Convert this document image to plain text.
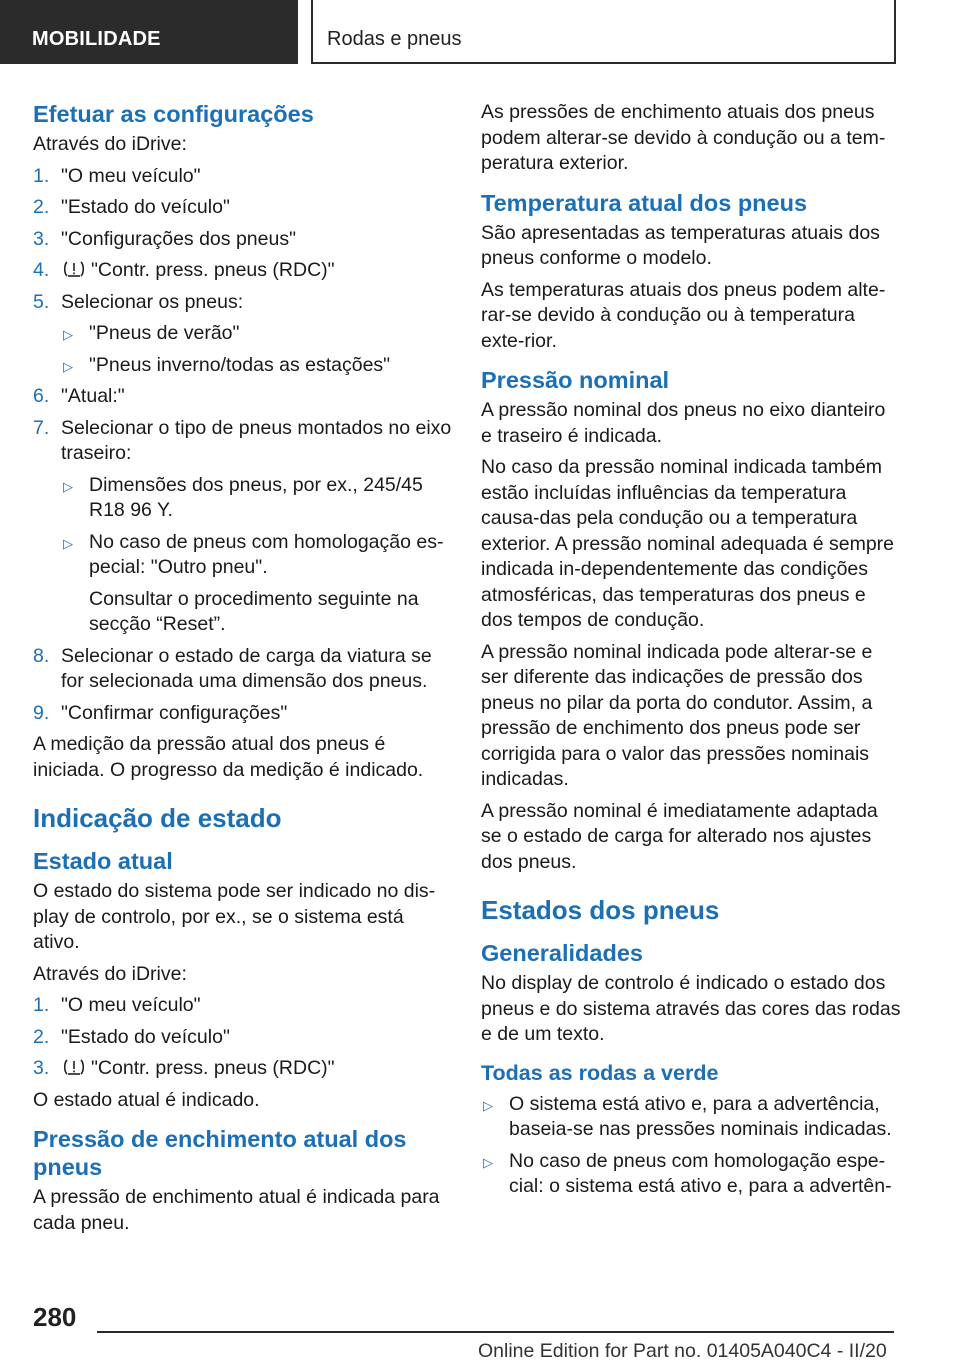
MOBILIDADE	Rodas e pneus
Efetuar as configurações

Através do iDrive:

1. "O meu veículo"
2. "Estado do veículo"
3. "Configurações dos pneus"
4. "Contr. press. pneus (RDC)"
5. Selecionar os pneus:
▷ "Pneus de verão"
▷ "Pneus inverno/todas as estações"
6. "Atual:"
7. Selecionar o tipo de pneus montados no eixo traseiro:
▷ Dimensões dos pneus, por ex., 245/45 R18 96 Y.
▷ No caso de pneus com homologação es-pecial: "Outro pneu".

Consultar o procedimento seguinte na secção “Reset”.

8. Selecionar o estado de carga da viatura se for selecionada uma dimensão dos pneus.
9. "Confirmar configurações"

A medição da pressão atual dos pneus é iniciada. O progresso da medição é indicado.

Indicação de estado
Estado atual

O estado do sistema pode ser indicado no dis-play de controlo, por ex., se o sistema está ativo.

Através do iDrive:

1. "O meu veículo"
2. "Estado do veículo"
3. "Contr. press. pneus (RDC)"

O estado atual é indicado.

Pressão de enchimento atual dos pneus

A pressão de enchimento atual é indicada para cada pneu.

As pressões de enchimento atuais dos pneus podem alterar-se devido à condução ou a tem-peratura exterior.

Temperatura atual dos pneus

São apresentadas as temperaturas atuais dos pneus conforme o modelo.

As temperaturas atuais dos pneus podem alte-rar-se devido à condução ou à temperatura exte-rior.

Pressão nominal

A pressão nominal dos pneus no eixo dianteiro e traseiro é indicada.

No caso da pressão nominal indicada também estão incluídas influências da temperatura causa-das pela condução ou a temperatura exterior. A pressão nominal adequada é sempre indicada in-dependentemente das condições atmosféricas, das temperaturas dos pneus e dos tempos de condução.

A pressão nominal indicada pode alterar-se e ser diferente das indicações de pressão dos pneus no pilar da porta do condutor. Assim, a pressão de enchimento dos pneus pode ser corrigida para o valor das pressões nominais indicadas.

A pressão nominal é imediatamente adaptada se o estado de carga for alterado nos ajustes dos pneus.

Estados dos pneus
Generalidades

No display de controlo é indicado o estado dos pneus e do sistema através das cores das rodas e de um texto.

Todas as rodas a verde
▷ O sistema está ativo e, para a advertência, baseia-se nas pressões nominais indicadas.
▷ No caso de pneus com homologação espe-cial: o sistema está ativo e, para a advertên-
280
Online Edition for Part no. 01405A040C4 - II/20
